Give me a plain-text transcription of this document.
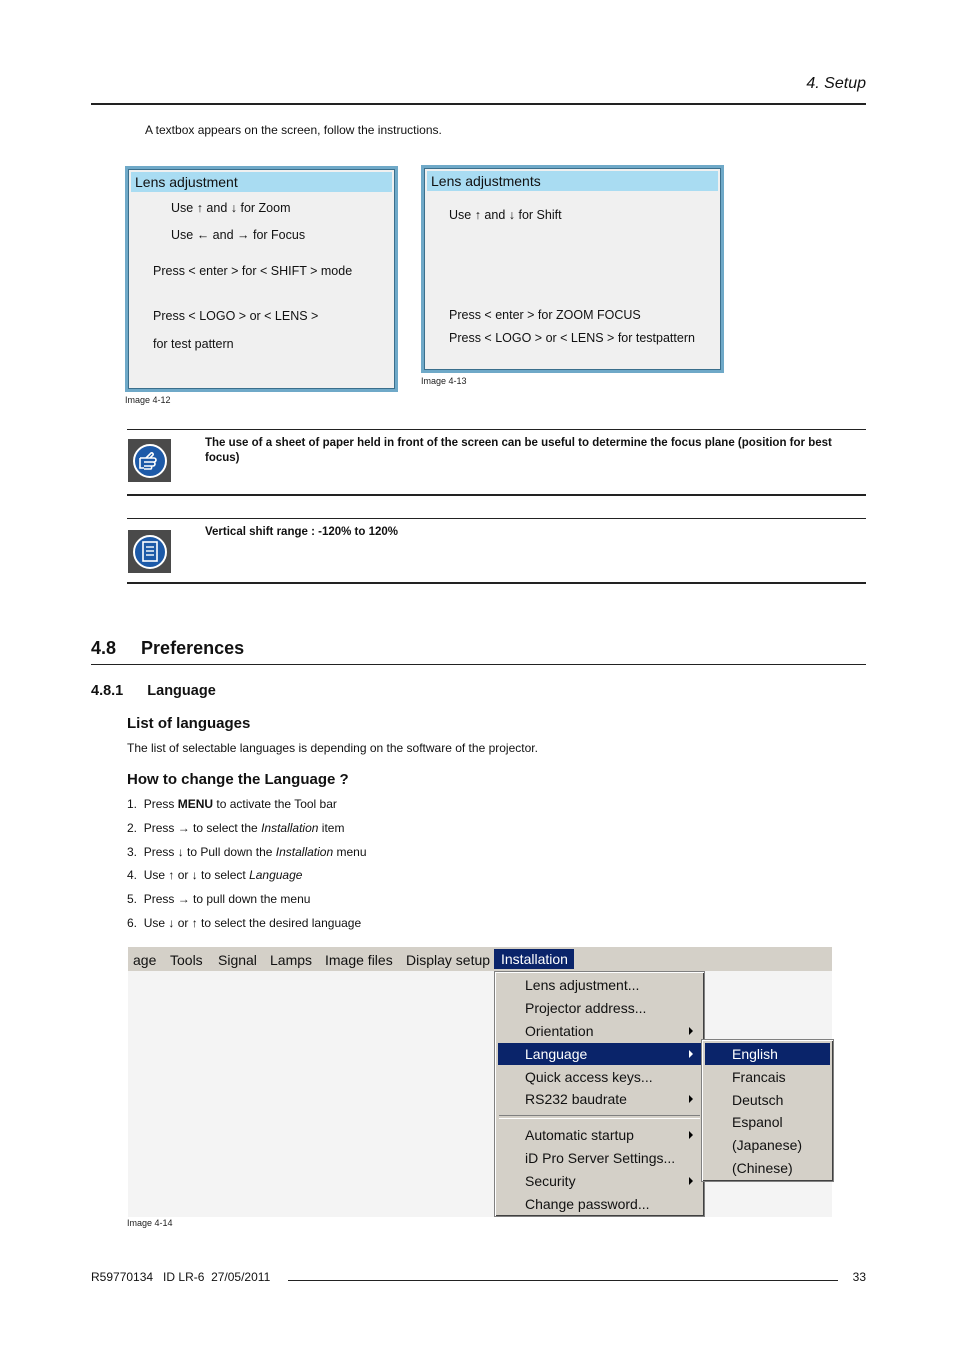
4. Setup
A textbox appears on the screen, follow the instructions.
Lens adjustment
Use ↑ and ↓ for Zoom
Use ← and → for Focus
Press < enter > for < SHIFT > mode
Press < LOGO > or < LENS >
for test pattern
Image 4-12
Lens adjustments
Use ↑ and ↓ for Shift
Press < enter > for ZOOM FOCUS
Press < LOGO > or < LENS > for testpattern
Image 4-13
The use of a sheet of paper held in front of the screen can be useful to determine the focus plane (position for best focus)
Vertical shift range : -120% to 120%
4.8 Preferences
4.8.1 Language
List of languages
The list of selectable languages is depending on the software of the projector.
How to change the Language ?
1. Press MENU to activate the Tool bar
2. Press → to select the Installation item
3. Press ↓ to Pull down the Installation menu
4. Use ↑ or ↓ to select Language
5. Press → to pull down the menu
6. Use ↓ or ↑ to select the desired language
age Tools Signal Lamps Image files Display setup Installation
Lens adjustment...
Projector address...
Orientation
Language
Quick access keys...
RS232 baudrate
Automatic startup
iD Pro Server Settings...
Security
Change password...
English
Francais
Deutsch
Espanol
(Japanese)
(Chinese)
Image 4-14
R59770134   ID LR-6  27/05/2011	33
